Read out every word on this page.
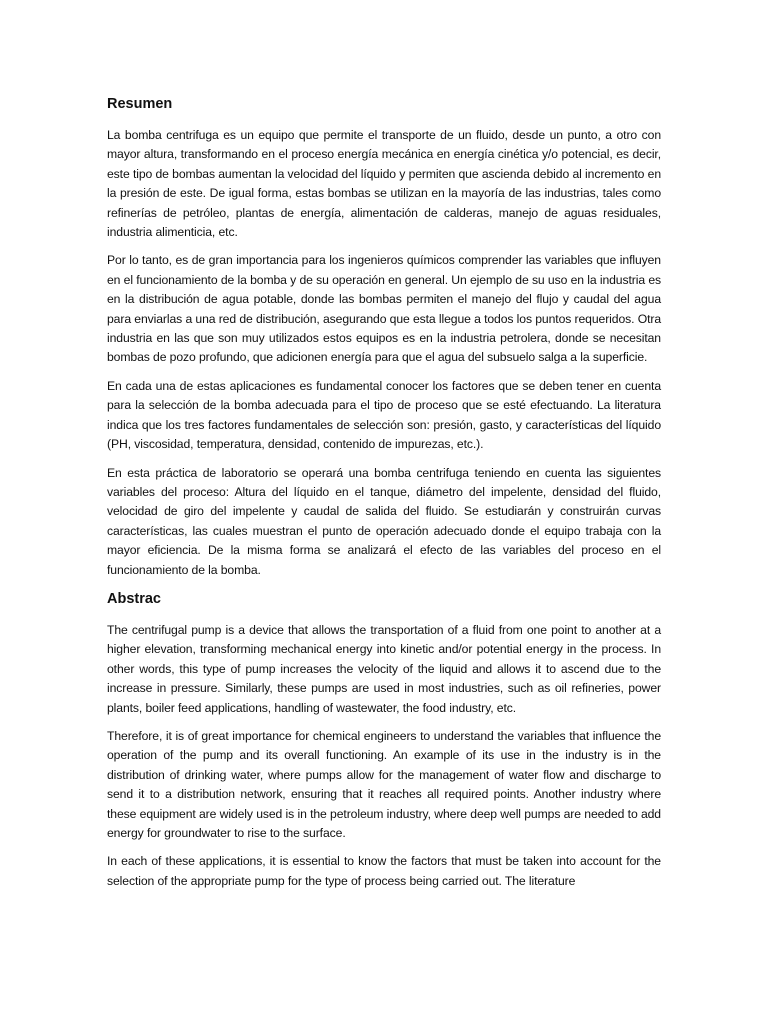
Resumen

La bomba centrifuga es un equipo que permite el transporte de un fluido, desde un punto, a otro con mayor altura, transformando en el proceso energía mecánica en energía cinética y/o potencial, es decir, este tipo de bombas aumentan la velocidad del líquido y permiten que ascienda debido al incremento en la presión de este. De igual forma, estas bombas se utilizan en la mayoría de las industrias, tales como refinerías de petróleo, plantas de energía, alimentación de calderas, manejo de aguas residuales, industria alimenticia, etc.

Por lo tanto, es de gran importancia para los ingenieros químicos comprender las variables que influyen en el funcionamiento de la bomba y de su operación en general. Un ejemplo de su uso en la industria es en la distribución de agua potable, donde las bombas permiten el manejo del flujo y caudal del agua para enviarlas a una red de distribución, asegurando que esta llegue a todos los puntos requeridos. Otra industria en las que son muy utilizados estos equipos es en la industria petrolera, donde se necesitan bombas de pozo profundo, que adicionen energía para que el agua del subsuelo salga a la superficie.

En cada una de estas aplicaciones es fundamental conocer los factores que se deben tener en cuenta para la selección de la bomba adecuada para el tipo de proceso que se esté efectuando. La literatura indica que los tres factores fundamentales de selección son: presión, gasto, y características del líquido (PH, viscosidad, temperatura, densidad, contenido de impurezas, etc.).

En esta práctica de laboratorio se operará una bomba centrifuga teniendo en cuenta las siguientes variables del proceso: Altura del líquido en el tanque, diámetro del impelente, densidad del fluido, velocidad de giro del impelente y caudal de salida del fluido. Se estudiarán y construirán curvas características, las cuales muestran el punto de operación adecuado donde el equipo trabaja con la mayor eficiencia. De la misma forma se analizará el efecto de las variables del proceso en el funcionamiento de la bomba.

Abstrac

The centrifugal pump is a device that allows the transportation of a fluid from one point to another at a higher elevation, transforming mechanical energy into kinetic and/or potential energy in the process. In other words, this type of pump increases the velocity of the liquid and allows it to ascend due to the increase in pressure. Similarly, these pumps are used in most industries, such as oil refineries, power plants, boiler feed applications, handling of wastewater, the food industry, etc.

Therefore, it is of great importance for chemical engineers to understand the variables that influence the operation of the pump and its overall functioning. An example of its use in the industry is in the distribution of drinking water, where pumps allow for the management of water flow and discharge to send it to a distribution network, ensuring that it reaches all required points. Another industry where these equipment are widely used is in the petroleum industry, where deep well pumps are needed to add energy for groundwater to rise to the surface.

In each of these applications, it is essential to know the factors that must be taken into account for the selection of the appropriate pump for the type of process being carried out. The literature
